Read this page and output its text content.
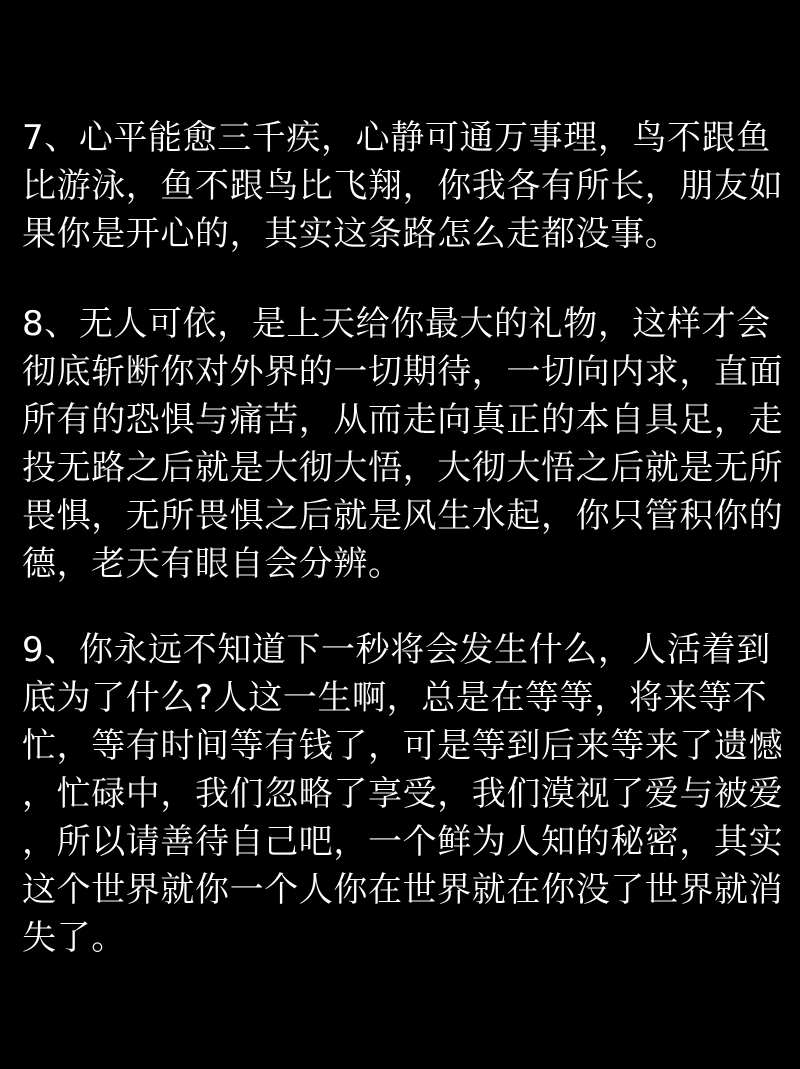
7、心平能愈三千疾，心静可通万事理，鸟不跟鱼
比游泳，鱼不跟鸟比飞翔，你我各有所长，朋友如
果你是开心的，其实这条路怎么走都没事。
8、无人可依，是上天给你最大的礼物，这样才会
彻底斩断你对外界的一切期待，一切向内求，直面
所有的恐惧与痛苦，从而走向真正的本自具足，走
投无路之后就是大彻大悟，大彻大悟之后就是无所
畏惧，无所畏惧之后就是风生水起，你只管积你的
德，老天有眼自会分辨。
9、你永远不知道下一秒将会发生什么，人活着到
底为了什么?人这一生啊，总是在等等，将来等不
忙，等有时间等有钱了，可是等到后来等来了遗憾
，忙碌中，我们忽略了享受，我们漠视了爱与被爱
，所以请善待自己吧，一个鲜为人知的秘密，其实
这个世界就你一个人你在世界就在你没了世界就消
失了。
